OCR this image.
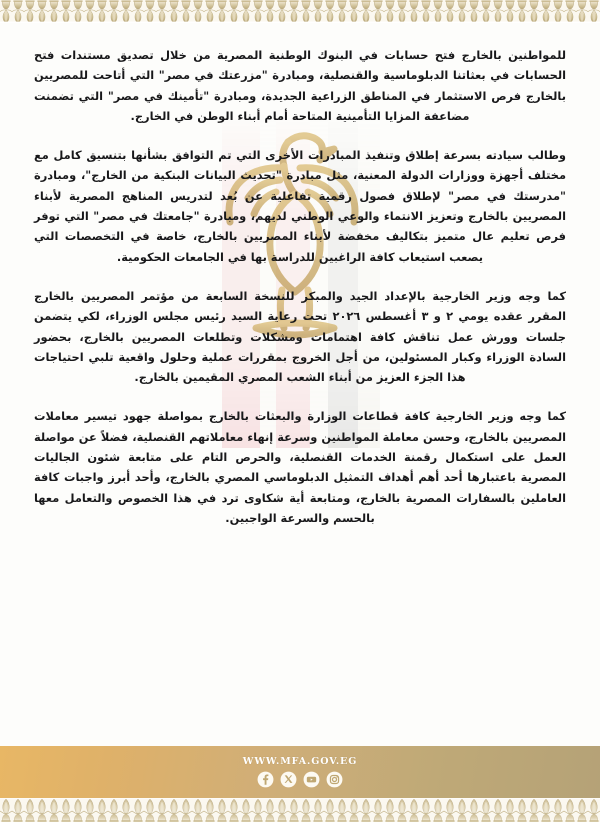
للمواطنين بالخارج فتح حسابات في البنوك الوطنية المصرية من خلال تصديق مستندات فتح الحسابات في بعثاتنا الدبلوماسية والقنصلية، ومبادرة "مزرعتك في مصر" التي أتاحت للمصريين بالخارج فرص الاستثمار في المناطق الزراعية الجديدة، ومبادرة "تأمينك في مصر" التي تضمنت مضاعفة المزايا التأمينية المتاحة أمام أبناء الوطن في الخارج.

وطالب سيادته بسرعة إطلاق وتنفيذ المبادرات الأخرى التي تم التوافق بشأنها بتنسيق كامل مع مختلف أجهزة ووزارات الدولة المعنية، مثل مبادرة "تحديث البيانات البنكية من الخارج"، ومبادرة "مدرستك في مصر" لإطلاق فصول رقمية تفاعلية عن بُعد لتدريس المناهج المصرية لأبناء المصريين بالخارج وتعزيز الانتماء والوعي الوطني لديهم، ومبادرة "جامعتك في مصر" التي توفر فرص تعليم عال متميز بتكاليف مخفضة لأبناء المصريين بالخارج، خاصة في التخصصات التي يصعب استيعاب كافة الراغبين للدراسة بها في الجامعات الحكومية.

كما وجه وزير الخارجية بالإعداد الجيد والمبكر للنسخة السابعة من مؤتمر المصريين بالخارج المقرر عقده يومي ٢ و ٣ أغسطس ٢٠٢٦ تحت رعاية السيد رئيس مجلس الوزراء، لكي يتضمن جلسات وورش عمل تناقش كافة اهتمامات ومشكلات وتطلعات المصريين بالخارج، بحضور السادة الوزراء وكبار المسئولين، من أجل الخروج بمقررات عملية وحلول واقعية تلبي احتياجات هذا الجزء العزيز من أبناء الشعب المصري المقيمين بالخارج.

كما وجه وزير الخارجية كافة قطاعات الوزارة والبعثات بالخارج بمواصلة جهود تيسير معاملات المصريين بالخارج، وحسن معاملة المواطنين وسرعة إنهاء معاملاتهم القنصلية، فضلاً عن مواصلة العمل على استكمال رقمنة الخدمات القنصلية، والحرص التام على متابعة شئون الجاليات المصرية باعتبارها أحد أهم أهداف التمثيل الدبلوماسي المصري بالخارج، وأحد أبرز واجبات كافة العاملين بالسفارات المصرية بالخارج، ومتابعة أية شكاوى ترد في هذا الخصوص والتعامل معها بالحسم والسرعة الواجبين.

WWW.MFA.GOV.EG
